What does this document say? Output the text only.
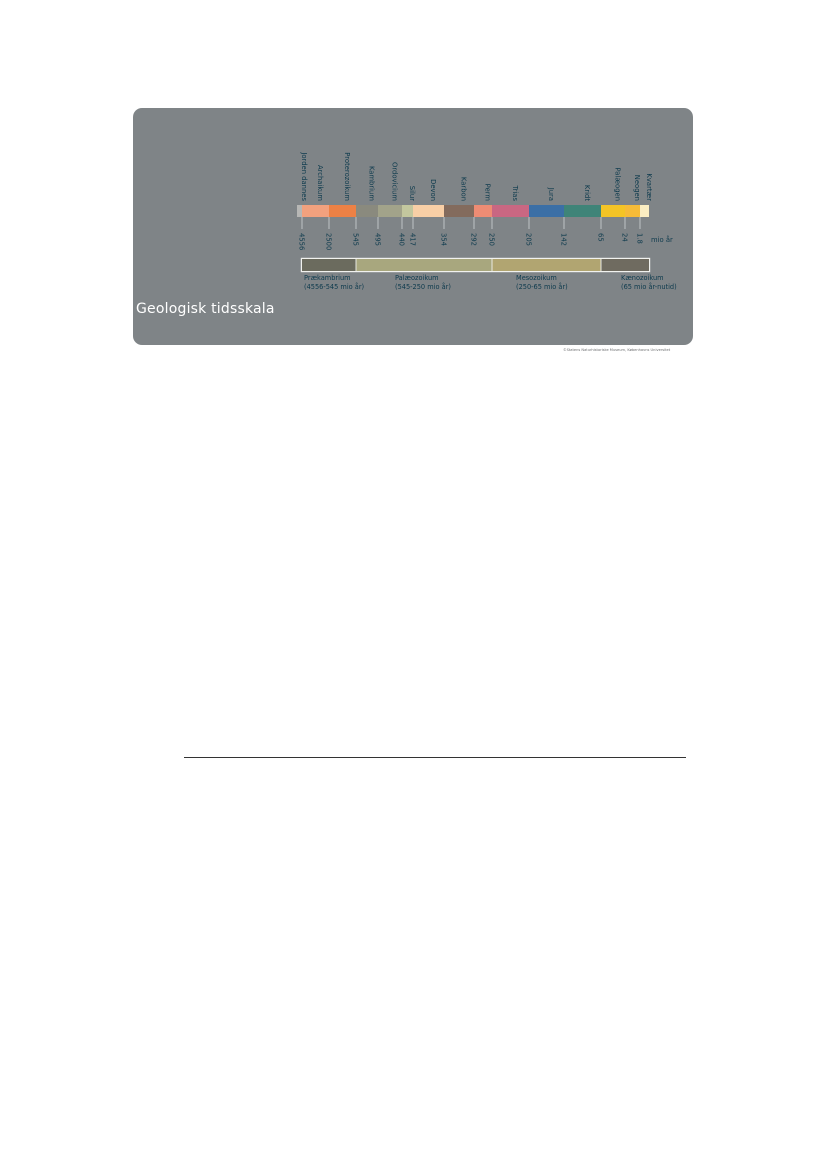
Jorden dannes Archaikum	Proterozoikum Kambrium Ordovicium Silur Devon	Karbon Perm	Trias	Jura	Kridt	Palæogen Neogen Kvartær
4556	2500	545 495 440 417	354	292 250	205	142	65 24 1.8 mio år
Prækambrium
(4556-545 mio år)
Palæozoikum
(545-250 mio år)
Mesozoikum
(250-65 mio år)
Kænozoikum
(65 mio år-nutid)
Geologisk tidsskala
©Statens Naturhistoriske Museum, Københavns Universitet
